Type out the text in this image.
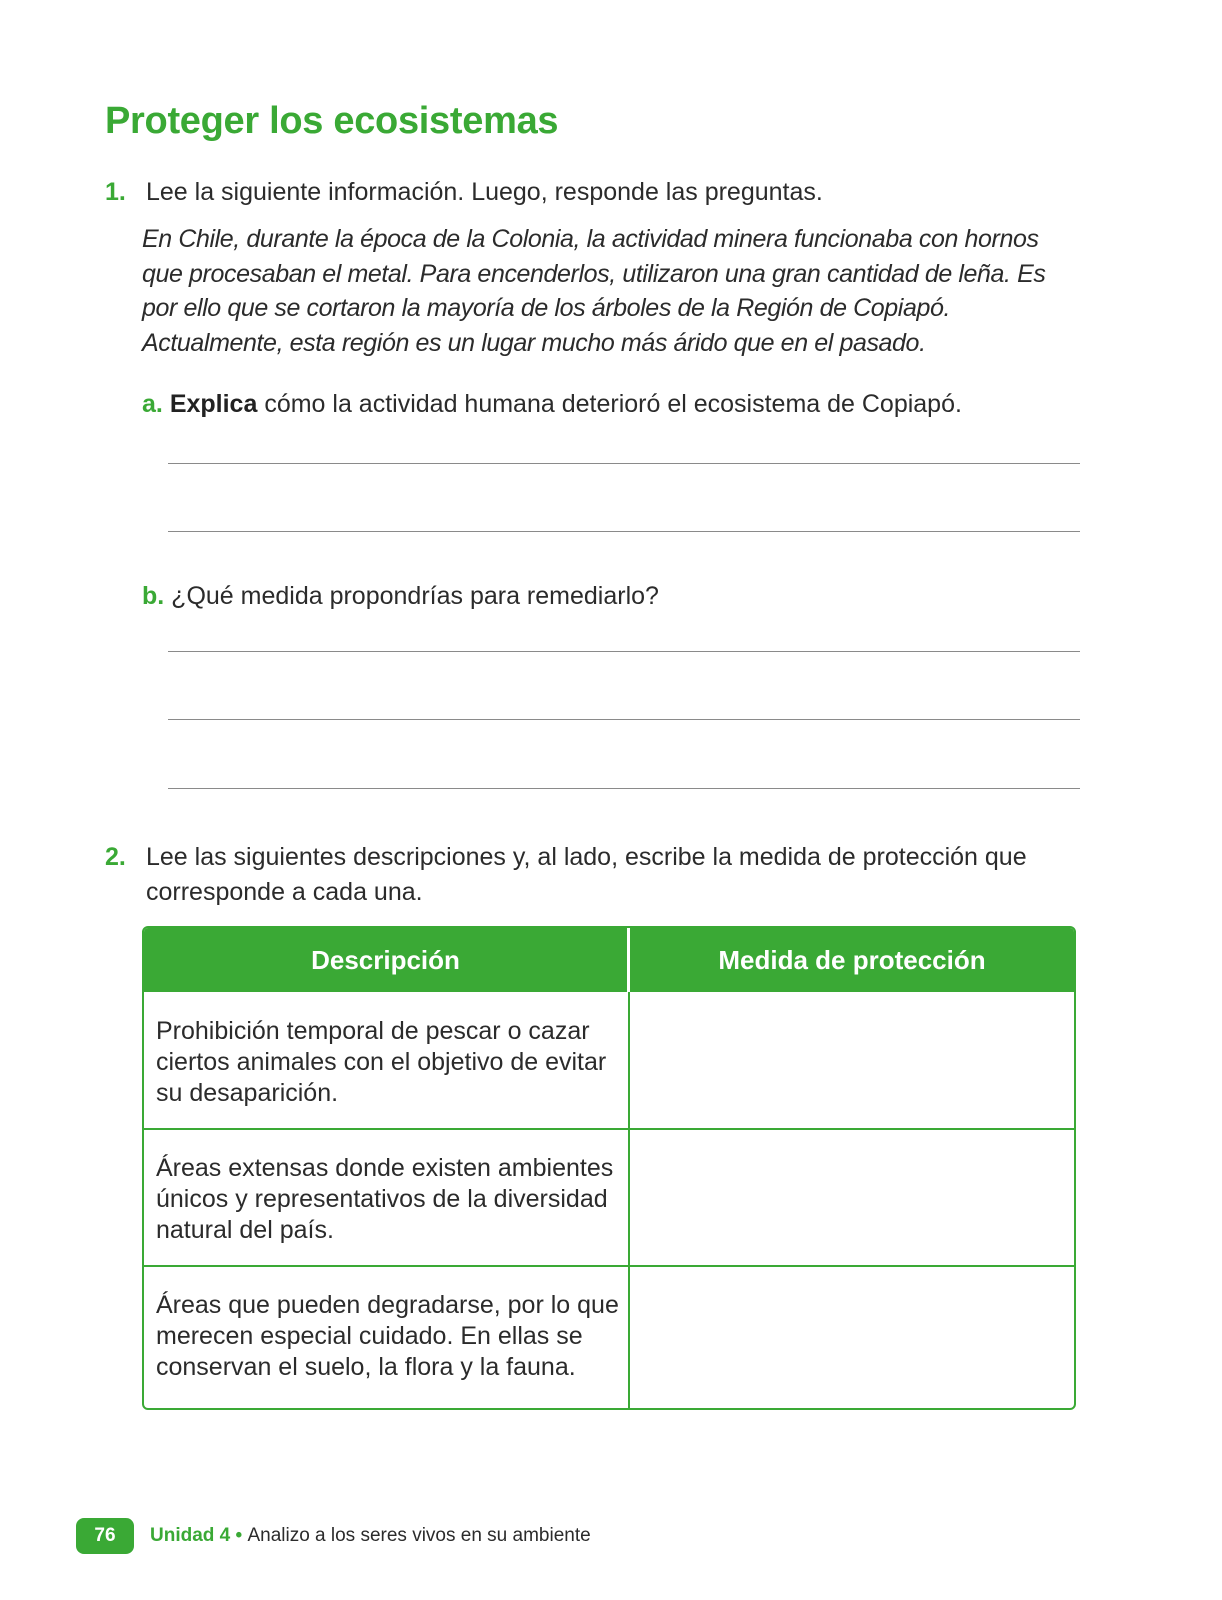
Proteger los ecosistemas
1. Lee la siguiente información. Luego, responde las preguntas.
En Chile, durante la época de la Colonia, la actividad minera funcionaba con hornos que procesaban el metal. Para encenderlos, utilizaron una gran cantidad de leña. Es por ello que se cortaron la mayoría de los árboles de la Región de Copiapó. Actualmente, esta región es un lugar mucho más árido que en el pasado.
a. Explica cómo la actividad humana deterioró el ecosistema de Copiapó.
b. ¿Qué medida propondrías para remediarlo?
2. Lee las siguientes descripciones y, al lado, escribe la medida de protección que corresponde a cada una.
Descripción	Medida de protección
Prohibición temporal de pescar o cazar ciertos animales con el objetivo de evitar su desaparición.
Áreas extensas donde existen ambientes únicos y representativos de la diversidad natural del país.
Áreas que pueden degradarse, por lo que merecen especial cuidado. En ellas se conservan el suelo, la flora y la fauna.
76	Unidad 4 • Analizo a los seres vivos en su ambiente
